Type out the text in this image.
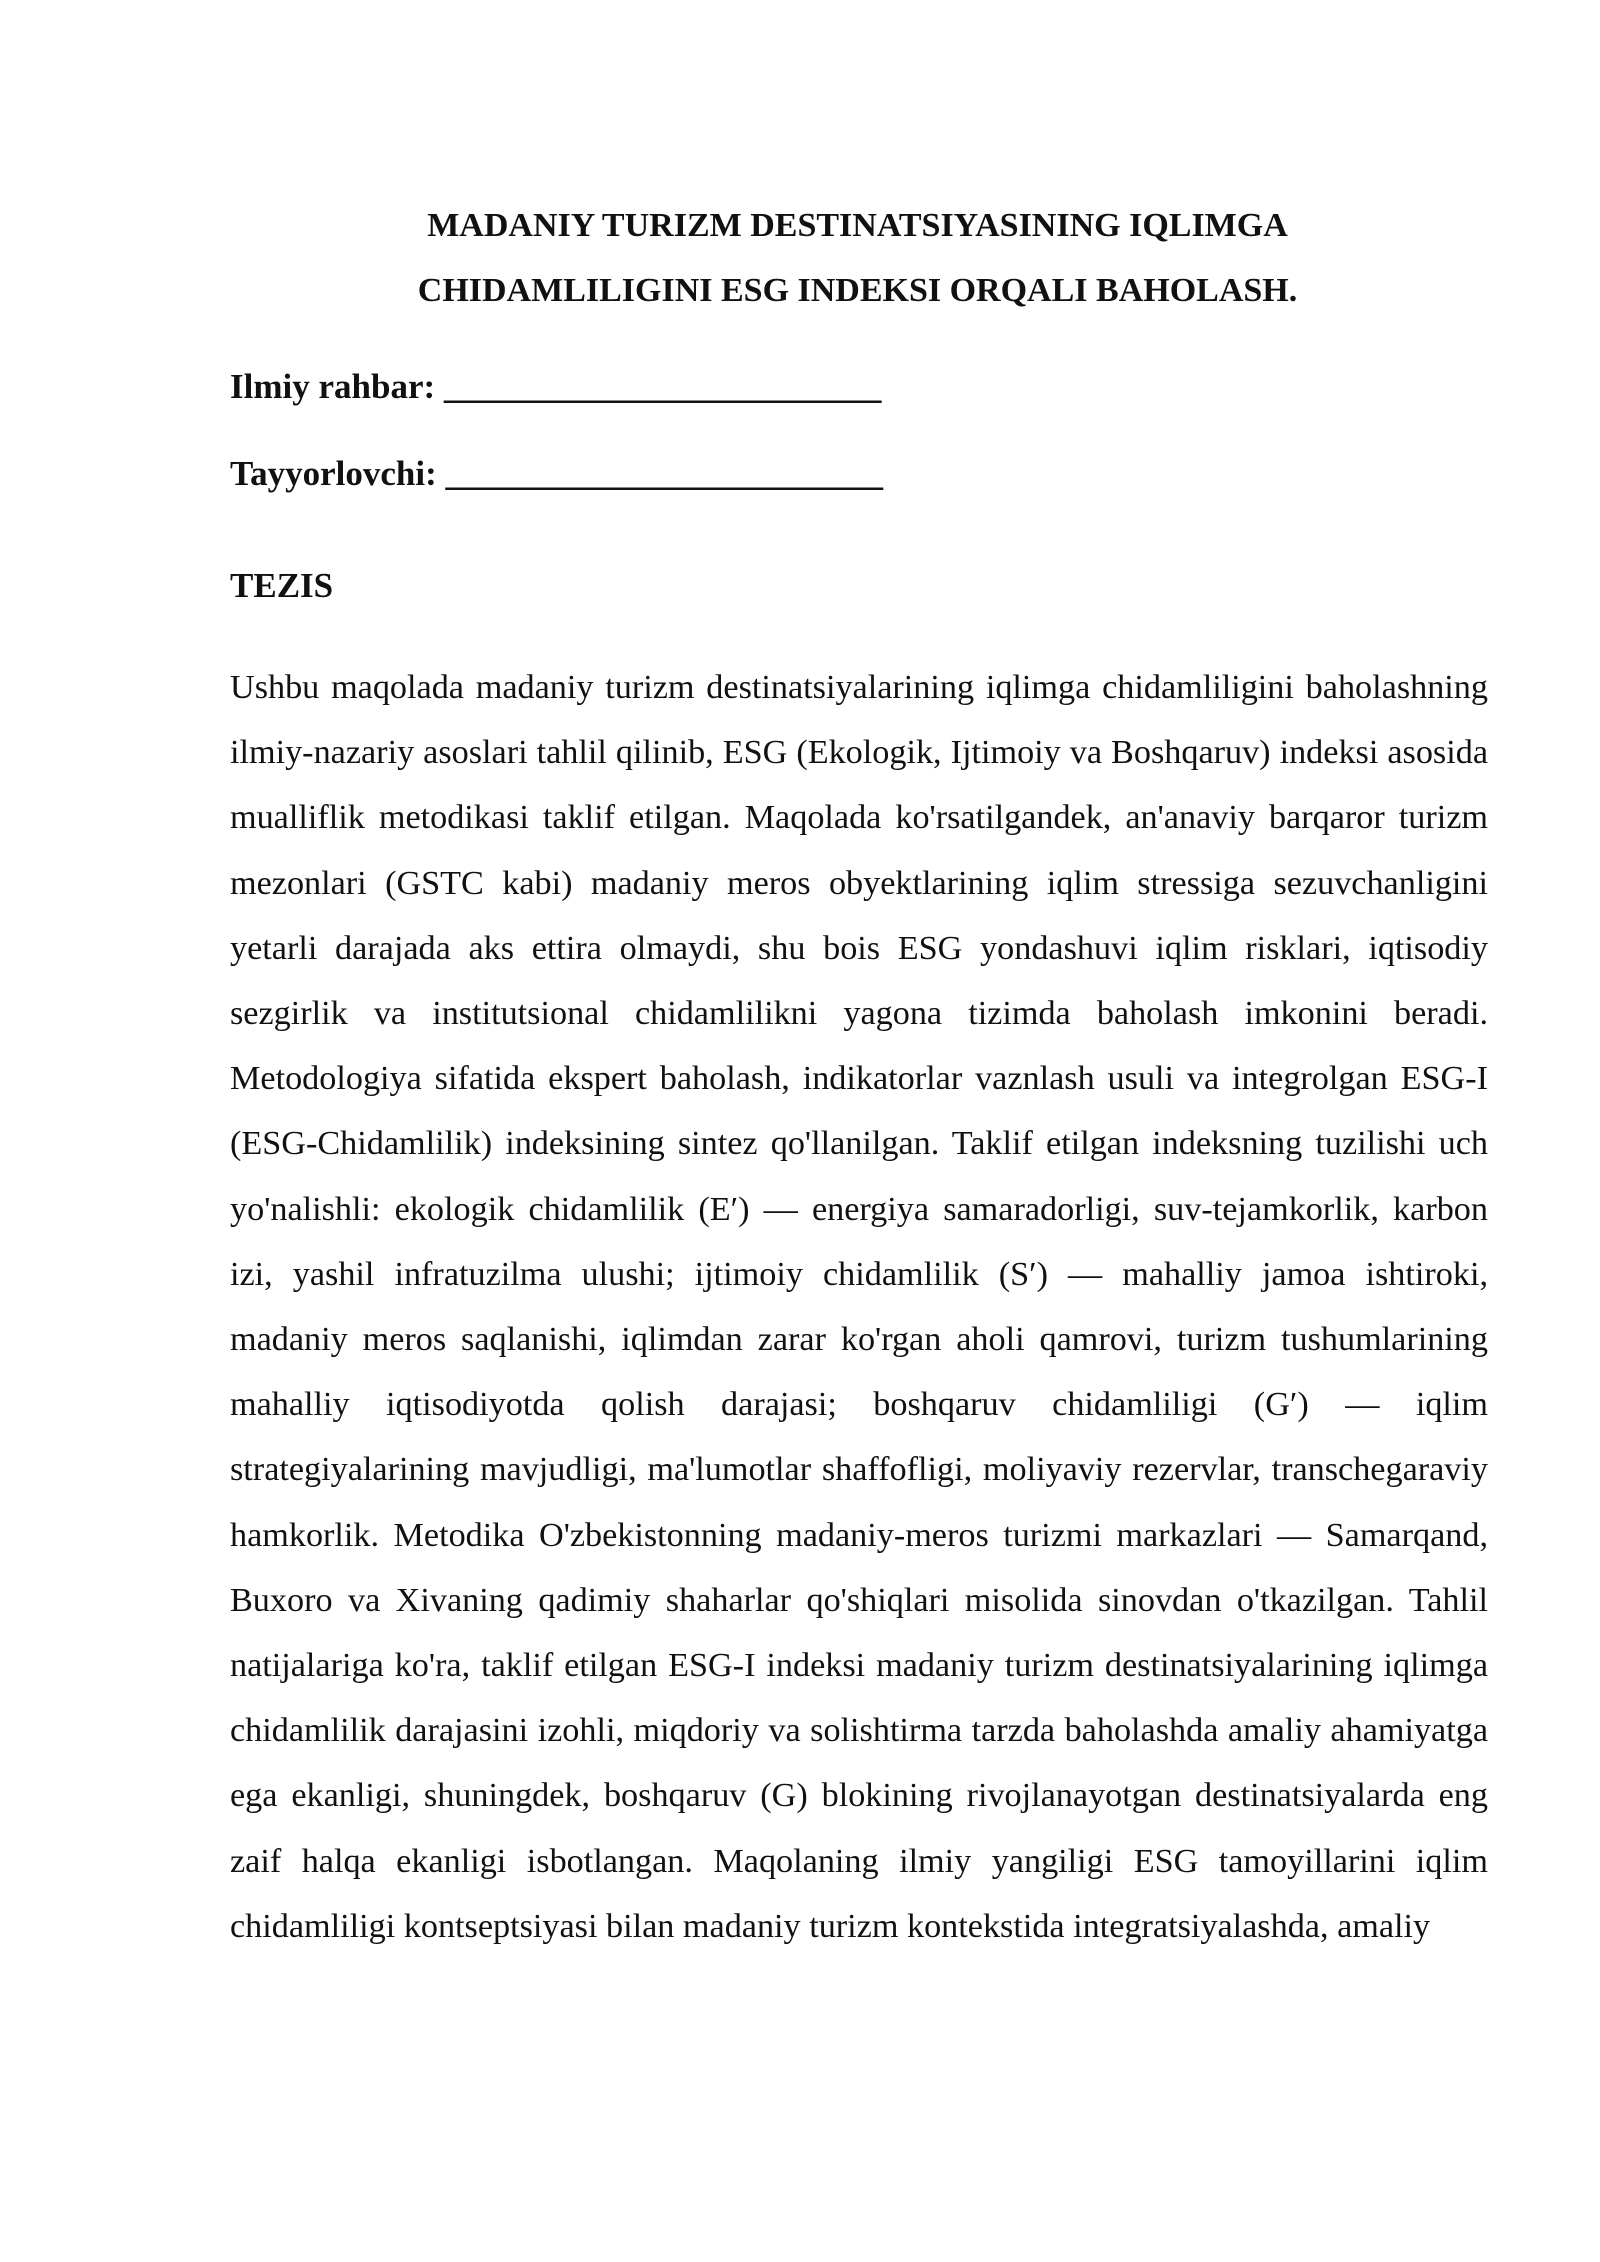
MADANIY TURIZM DESTINATSIYASINING IQLIMGA
CHIDAMLILIGINI ESG INDEKSI ORQALI BAHOLASH.

Ilmiy rahbar: _________________________

Tayyorlovchi: _________________________

TEZIS

Ushbu maqolada madaniy turizm destinatsiyalarining iqlimga chidamliligini baholashning ilmiy-nazariy asoslari tahlil qilinib, ESG (Ekologik, Ijtimoiy va Boshqaruv) indeksi asosida mualliflik metodikasi taklif etilgan. Maqolada ko'rsatilgandek, an'anaviy barqaror turizm mezonlari (GSTC kabi) madaniy meros obyektlarining iqlim stressiga sezuvchanligini yetarli darajada aks ettira olmaydi, shu bois ESG yondashuvi iqlim risklari, iqtisodiy sezgirlik va institutsional chidamlilikni yagona tizimda baholash imkonini beradi. Metodologiya sifatida ekspert baholash, indikatorlar vaznlash usuli va integrolgan ESG-I (ESG-Chidamlilik) indeksining sintez qo'llanilgan. Taklif etilgan indeksning tuzilishi uch yo'nalishli: ekologik chidamlilik (E′) — energiya samaradorligi, suv-tejamkorlik, karbon izi, yashil infratuzilma ulushi; ijtimoiy chidamlilik (S′) — mahalliy jamoa ishtiroki, madaniy meros saqlanishi, iqlimdan zarar ko'rgan aholi qamrovi, turizm tushumlarining mahalliy iqtisodiyotda qolish darajasi; boshqaruv chidamliligi (G′) — iqlim strategiyalarining mavjudligi, ma'lumotlar shaffofligi, moliyaviy rezervlar, transchegaraviy hamkorlik. Metodika O'zbekistonning madaniy-meros turizmi markazlari — Samarqand, Buxoro va Xivaning qadimiy shaharlar qo'shiqlari misolida sinovdan o'tkazilgan. Tahlil natijalariga ko'ra, taklif etilgan ESG-I indeksi madaniy turizm destinatsiyalarining iqlimga chidamlilik darajasini izohli, miqdoriy va solishtirma tarzda baholashda amaliy ahamiyatga ega ekanligi, shuningdek, boshqaruv (G) blokining rivojlanayotgan destinatsiyalarda eng zaif halqa ekanligi isbotlangan. Maqolaning ilmiy yangiligi ESG tamoyillarini iqlim chidamliligi kontseptsiyasi bilan madaniy turizm kontekstida integratsiyalashda, amaliy
